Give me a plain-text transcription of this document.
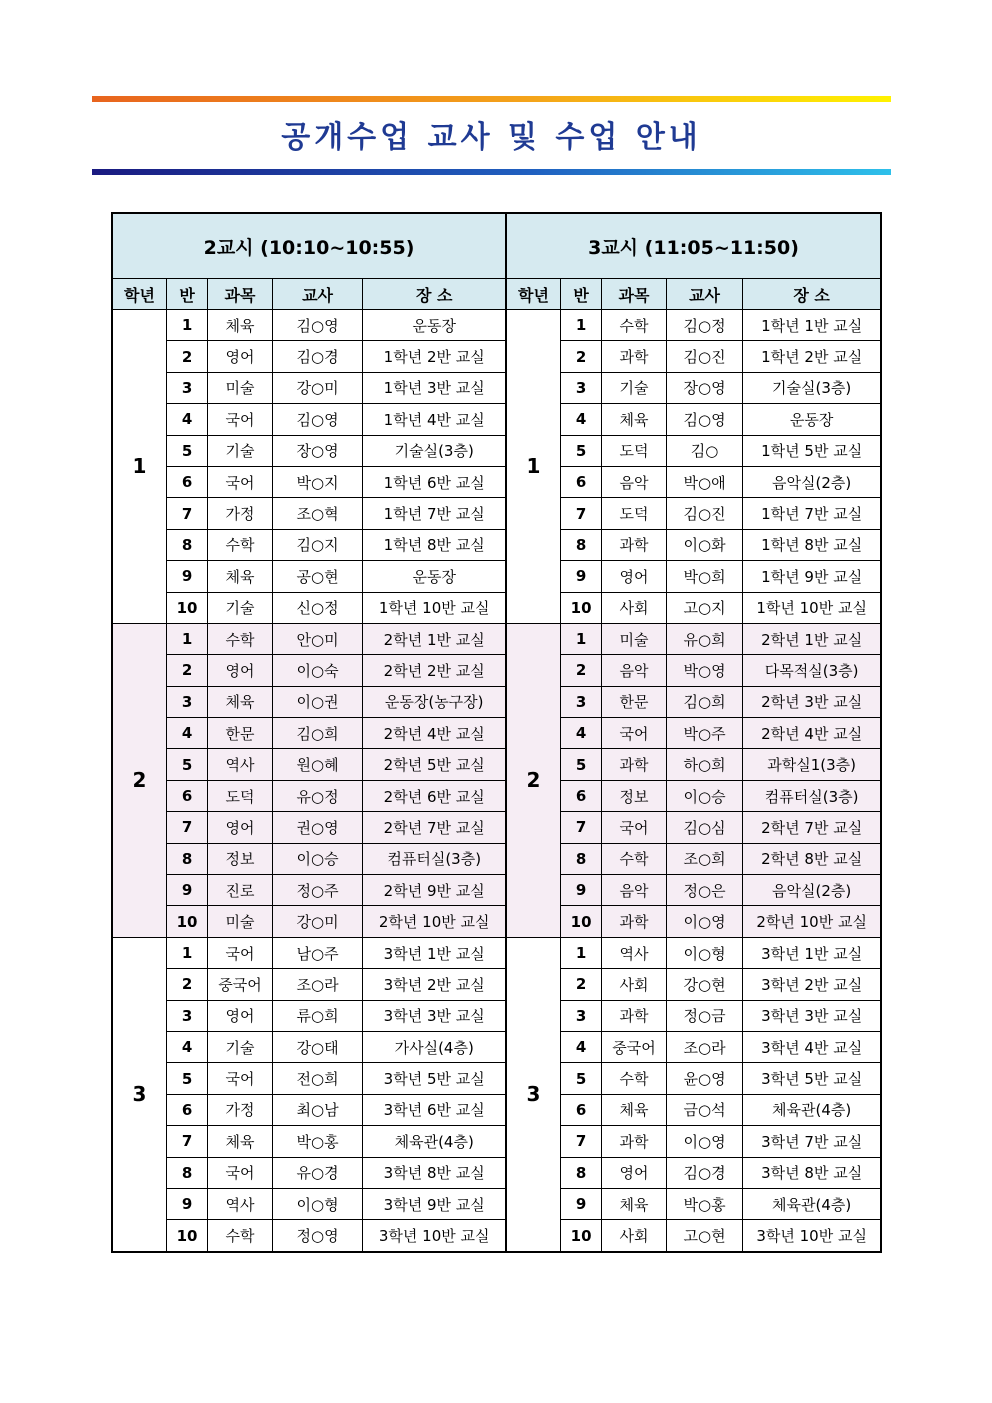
공개수업 교사 및 수업 안내
2교시 (10:10~10:55)					3교시 (11:05~11:50)				
학년	반	과목	교사	장 소	학년	반	과목	교사	장 소
1	1	체육	김○영	운동장	1	1	수학	김○정	1학년 1반 교실
	2	영어	김○경	1학년 2반 교실		2	과학	김○진	1학년 2반 교실
	3	미술	강○미	1학년 3반 교실		3	기술	장○영	기술실(3층)
	4	국어	김○영	1학년 4반 교실		4	체육	김○영	운동장
	5	기술	장○영	기술실(3층)		5	도덕	김○	1학년 5반 교실
	6	국어	박○지	1학년 6반 교실		6	음악	박○애	음악실(2층)
	7	가정	조○혁	1학년 7반 교실		7	도덕	김○진	1학년 7반 교실
	8	수학	김○지	1학년 8반 교실		8	과학	이○화	1학년 8반 교실
	9	체육	공○현	운동장		9	영어	박○희	1학년 9반 교실
	10	기술	신○정	1학년 10반 교실		10	사회	고○지	1학년 10반 교실
2	1	수학	안○미	2학년 1반 교실	2	1	미술	유○희	2학년 1반 교실
	2	영어	이○숙	2학년 2반 교실		2	음악	박○영	다목적실(3층)
	3	체육	이○권	운동장(농구장)		3	한문	김○희	2학년 3반 교실
	4	한문	김○희	2학년 4반 교실		4	국어	박○주	2학년 4반 교실
	5	역사	원○혜	2학년 5반 교실		5	과학	하○희	과학실1(3층)
	6	도덕	유○정	2학년 6반 교실		6	정보	이○승	컴퓨터실(3층)
	7	영어	권○영	2학년 7반 교실		7	국어	김○심	2학년 7반 교실
	8	정보	이○승	컴퓨터실(3층)		8	수학	조○희	2학년 8반 교실
	9	진로	정○주	2학년 9반 교실		9	음악	정○은	음악실(2층)
	10	미술	강○미	2학년 10반 교실		10	과학	이○영	2학년 10반 교실
3	1	국어	남○주	3학년 1반 교실	3	1	역사	이○형	3학년 1반 교실
	2	중국어	조○라	3학년 2반 교실		2	사회	강○현	3학년 2반 교실
	3	영어	류○희	3학년 3반 교실		3	과학	정○금	3학년 3반 교실
	4	기술	강○태	가사실(4층)		4	중국어	조○라	3학년 4반 교실
	5	국어	전○희	3학년 5반 교실		5	수학	윤○영	3학년 5반 교실
	6	가정	최○남	3학년 6반 교실		6	체육	금○석	체육관(4층)
	7	체육	박○홍	체육관(4층)		7	과학	이○영	3학년 7반 교실
	8	국어	유○경	3학년 8반 교실		8	영어	김○경	3학년 8반 교실
	9	역사	이○형	3학년 9반 교실		9	체육	박○홍	체육관(4층)
	10	수학	정○영	3학년 10반 교실		10	사회	고○현	3학년 10반 교실
